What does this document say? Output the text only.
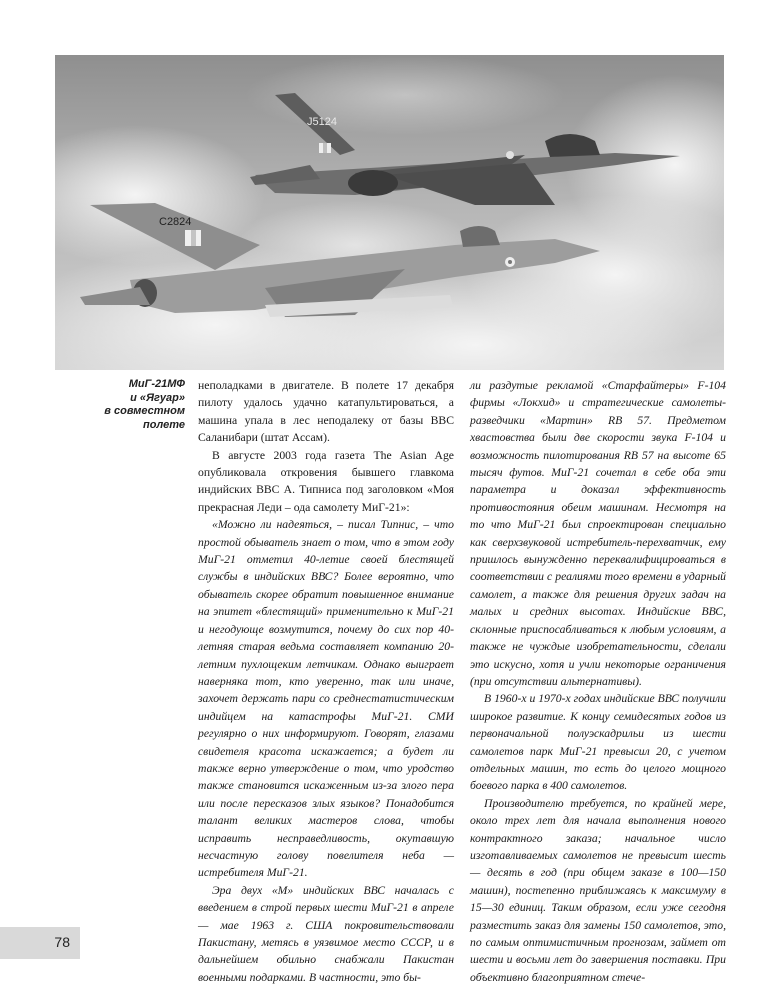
J5124
C2824
МиГ-21МФ
и «Ягуар»
в совместном
полете

неполадками в двигателе. В полете 17 декабря пилоту удалось удачно катапультироваться, а машина упала в лес неподалеку от базы ВВС Саланибари (штат Ассам).

В августе 2003 года газета The Asian Age опубликовала откровения бывшего главкома индийских ВВС А. Типниса под заголовком «Моя прекрасная Леди – ода самолету МиГ-21»:

«Можно ли надеяться, – писал Типнис, – что простой обыватель знает о том, что в этом году МиГ-21 отметил 40-летие своей блестящей службы в индийских ВВС? Более вероятно, что обыватель скорее обратит повышенное внимание на эпитет «блестящий» применительно к МиГ-21 и негодующе возмутится, почему до сих пор 40-летняя старая ведьма составляет компанию 20-летним пухлощеким летчикам. Однако выиграет наверняка тот, кто уверенно, так или иначе, захочет держать пари со среднестатистическим индийцем на катастрофы МиГ-21. СМИ регулярно о них информируют. Говорят, глазами свидетеля красота искажается; а будет ли также верно утверждение о том, что уродство также становится искаженным из-за злого пера или после пересказов злых языков? Понадобится талант великих мастеров слова, чтобы исправить несправедливость, окутавшую несчастную голову повелителя неба — истребителя МиГ-21.

Эра двух «М» индийских ВВС началась с введением в строй первых шести МиГ-21 в апреле — мае 1963 г. США покровительствовали Пакистану, метясь в уязвимое место СССР, и в дальнейшем обильно снабжали Пакистан военными подарками. В частности, это бы-

ли раздутые рекламой «Старфайтеры» F-104 фирмы «Локхид» и стратегические самолеты-разведчики «Мартин» RB 57. Предметом хвастовства были две скорости звука F-104 и возможность пилотирования RB 57 на высоте 65 тысяч футов. МиГ-21 сочетал в себе оба эти параметра и доказал эффективность противостояния обеим машинам. Несмотря на то что МиГ-21 был спроектирован специально как сверхзвуковой истребитель-перехватчик, ему пришлось вынужденно переквалифицироваться в соответствии с реалиями того времени в ударный самолет, а также для решения других задач на малых и средних высотах. Индийские ВВС, склонные приспосабливаться к любым условиям, а также не чуждые изобретательности, сделали это искусно, хотя и учли некоторые ограничения (при отсутствии альтернативы).

В 1960-х и 1970-х годах индийские ВВС получили широкое развитие. К концу семидесятых годов из первоначальной полуэскадрильи из шести самолетов парк МиГ-21 превысил 20, с учетом отдельных машин, то есть до целого мощного боевого парка в 400 самолетов.

Производителю требуется, по крайней мере, около трех лет для начала выполнения нового контрактного заказа; начальное число изготавливаемых самолетов не превысит шесть — десять в год (при общем заказе в 100—150 машин), постепенно приближаясь к максимуму в 15—30 единиц. Таким образом, если уже сегодня разместить заказ для замены 150 самолетов, это, по самым оптимистичным прогнозам, займет от шести и восьми лет до завершения поставки. При объективно благоприятном стече-

78
